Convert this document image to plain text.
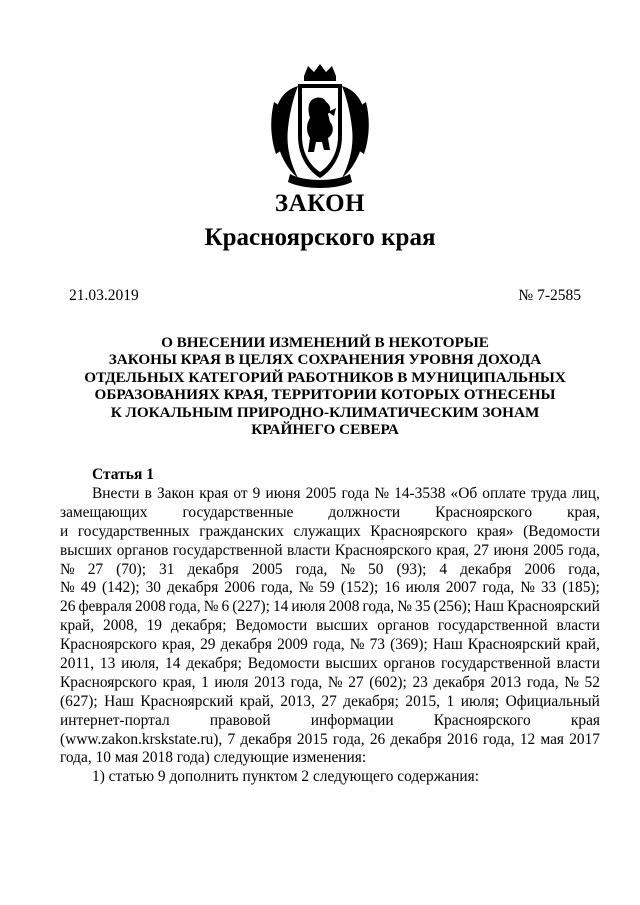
ЗАКОН
Красноярского края
21.03.2019	№ 7-2585
О ВНЕСЕНИИ ИЗМЕНЕНИЙ В НЕКОТОРЫЕ
ЗАКОНЫ КРАЯ В ЦЕЛЯХ СОХРАНЕНИЯ УРОВНЯ ДОХОДА
ОТДЕЛЬНЫХ КАТЕГОРИЙ РАБОТНИКОВ В МУНИЦИПАЛЬНЫХ
ОБРАЗОВАНИЯХ КРАЯ, ТЕРРИТОРИИ КОТОРЫХ ОТНЕСЕНЫ
К ЛОКАЛЬНЫМ ПРИРОДНО-КЛИМАТИЧЕСКИМ ЗОНАМ
КРАЙНЕГО СЕВЕРА
Статья 1
Внести в Закон края от 9 июня 2005 года № 14-3538 «Об оплате труда лиц,
замещающих государственные должности Красноярского края,
и государственных гражданских служащих Красноярского края» (Ведомости
высших органов государственной власти Красноярского края, 27 июня 2005 года,
№ 27 (70); 31 декабря 2005 года, № 50 (93); 4 декабря 2006 года,
№ 49 (142); 30 декабря 2006 года, № 59 (152); 16 июля 2007 года, № 33 (185);
26 февраля 2008 года, № 6 (227); 14 июля 2008 года, № 35 (256); Наш Красноярский
край, 2008, 19 декабря; Ведомости высших органов государственной власти
Красноярского края, 29 декабря 2009 года, № 73 (369); Наш Красноярский край,
2011, 13 июля, 14 декабря; Ведомости высших органов государственной власти
Красноярского края, 1 июля 2013 года, № 27 (602); 23 декабря 2013 года, № 52
(627); Наш Красноярский край, 2013, 27 декабря; 2015, 1 июля; Официальный
интернет-портал	правовой	информации	Красноярского	края
(www.zakon.krskstate.ru), 7 декабря 2015 года, 26 декабря 2016 года, 12 мая 2017
года, 10 мая 2018 года) следующие изменения:
1) статью 9 дополнить пунктом 2 следующего содержания:
